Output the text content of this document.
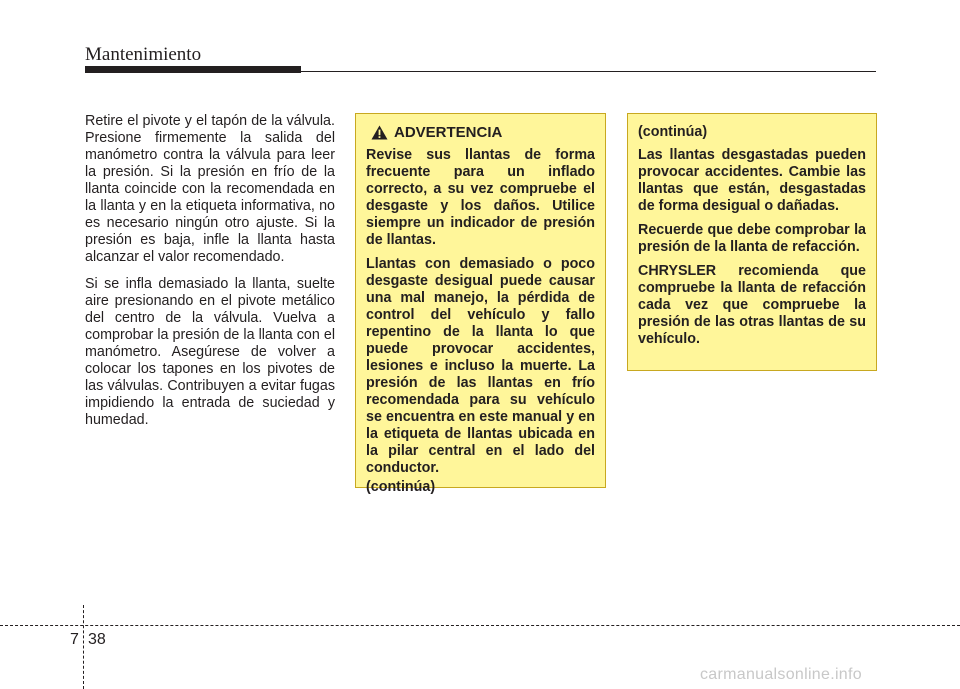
Mantenimiento

Retire el pivote y el tapón de la válvula. Presione firmemente la salida del manómetro contra la válvula para leer la presión. Si la presión en frío de la llanta coincide con la recomendada en la llanta y en la etiqueta informativa, no es necesario ningún otro ajuste. Si la presión es baja, infle la llanta hasta alcanzar el valor recomendado.

Si se infla demasiado la llanta, suelte aire presionando en el pivote metálico del centro de la válvula. Vuelva a comprobar la presión de la llanta con el manómetro. Asegúrese de volver a colocar los tapones en los pivotes de las válvulas. Contribuyen a evitar fugas impidiendo la entrada de suciedad y humedad.

ADVERTENCIA

Revise sus llantas de forma frecuente para un inflado correcto, a su vez compruebe el desgaste y los daños. Utilice siempre un indicador de presión de llantas.

Llantas con demasiado o poco desgaste desigual puede causar una mal manejo, la pérdida de control del vehículo y fallo repentino de la llanta lo que puede provocar accidentes, lesiones e incluso la muerte. La presión de las llantas en frío recomendada para su vehículo se encuentra en este manual y en la etiqueta de llantas ubicada en la pilar central en el lado del conductor.

(continúa)

(continúa)

Las llantas desgastadas pueden provocar accidentes. Cambie las llantas que están, desgastadas de forma desigual o dañadas.

Recuerde que debe comprobar la presión de la llanta de refacción.

CHRYSLER recomienda que compruebe la llanta de refacción cada vez que compruebe la presión de las otras llantas de su vehículo.

7 38
carmanualsonline.info
